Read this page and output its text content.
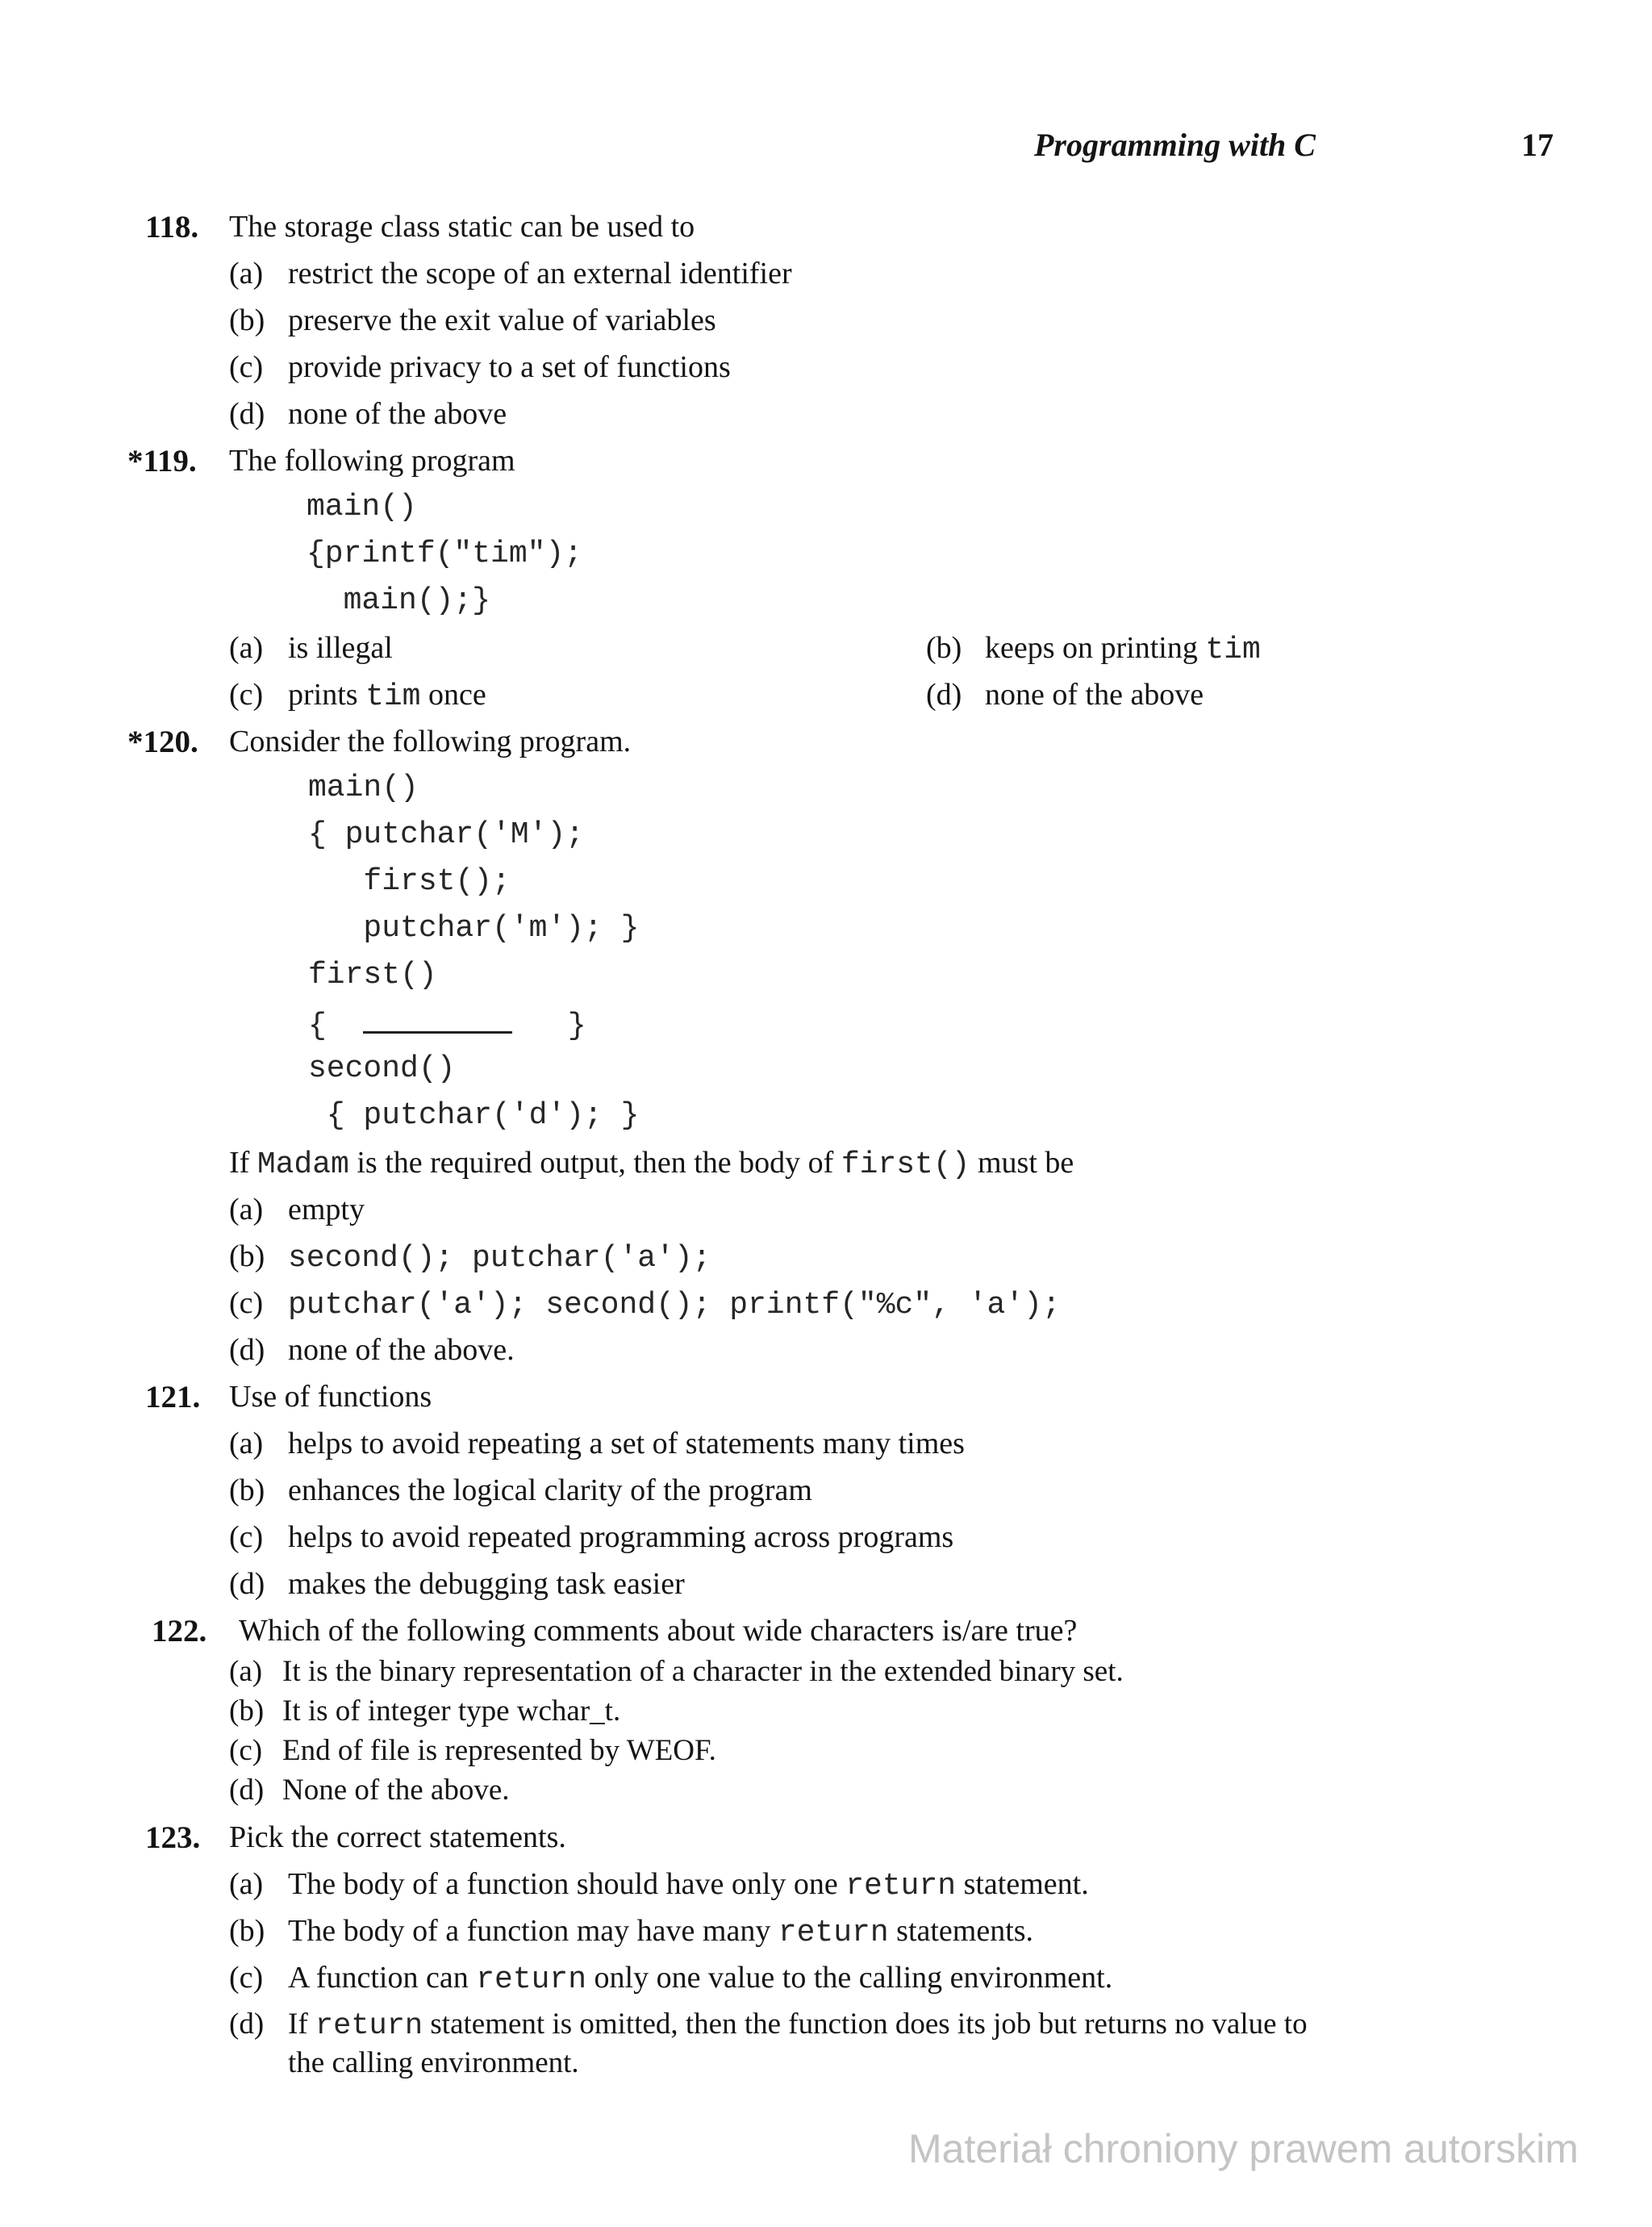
Programming with C	17
118. The storage class static can be used to
(a) restrict the scope of an external identifier
(b) preserve the exit value of variables
(c) provide privacy to a set of functions
(d) none of the above
*119. The following program
main()
{printf("tim");
main();}
(a) is illegal	(b) keeps on printing tim
(c) prints tim once	(d) none of the above
*120. Consider the following program.
main()
{ putchar('M');
first();
putchar('m'); }
first()
{	}
second()
{ putchar('d'); }
If Madam is the required output, then the body of first() must be
(a) empty
(b) second(); putchar('a');
(c) putchar('a'); second(); printf("%c", 'a');
(d) none of the above.
121. Use of functions
(a) helps to avoid repeating a set of statements many times
(b) enhances the logical clarity of the program
(c) helps to avoid repeated programming across programs
(d) makes the debugging task easier
122. Which of the following comments about wide characters is/are true?
(a) It is the binary representation of a character in the extended binary set.
(b) It is of integer type wchar_t.
(c) End of file is represented by WEOF.
(d) None of the above.
123. Pick the correct statements.
(a) The body of a function should have only one return statement.
(b) The body of a function may have many return statements.
(c) A function can return only one value to the calling environment.
(d) If return statement is omitted, then the function does its job but returns no value to
the calling environment.
Materiał chroniony prawem autorskim
